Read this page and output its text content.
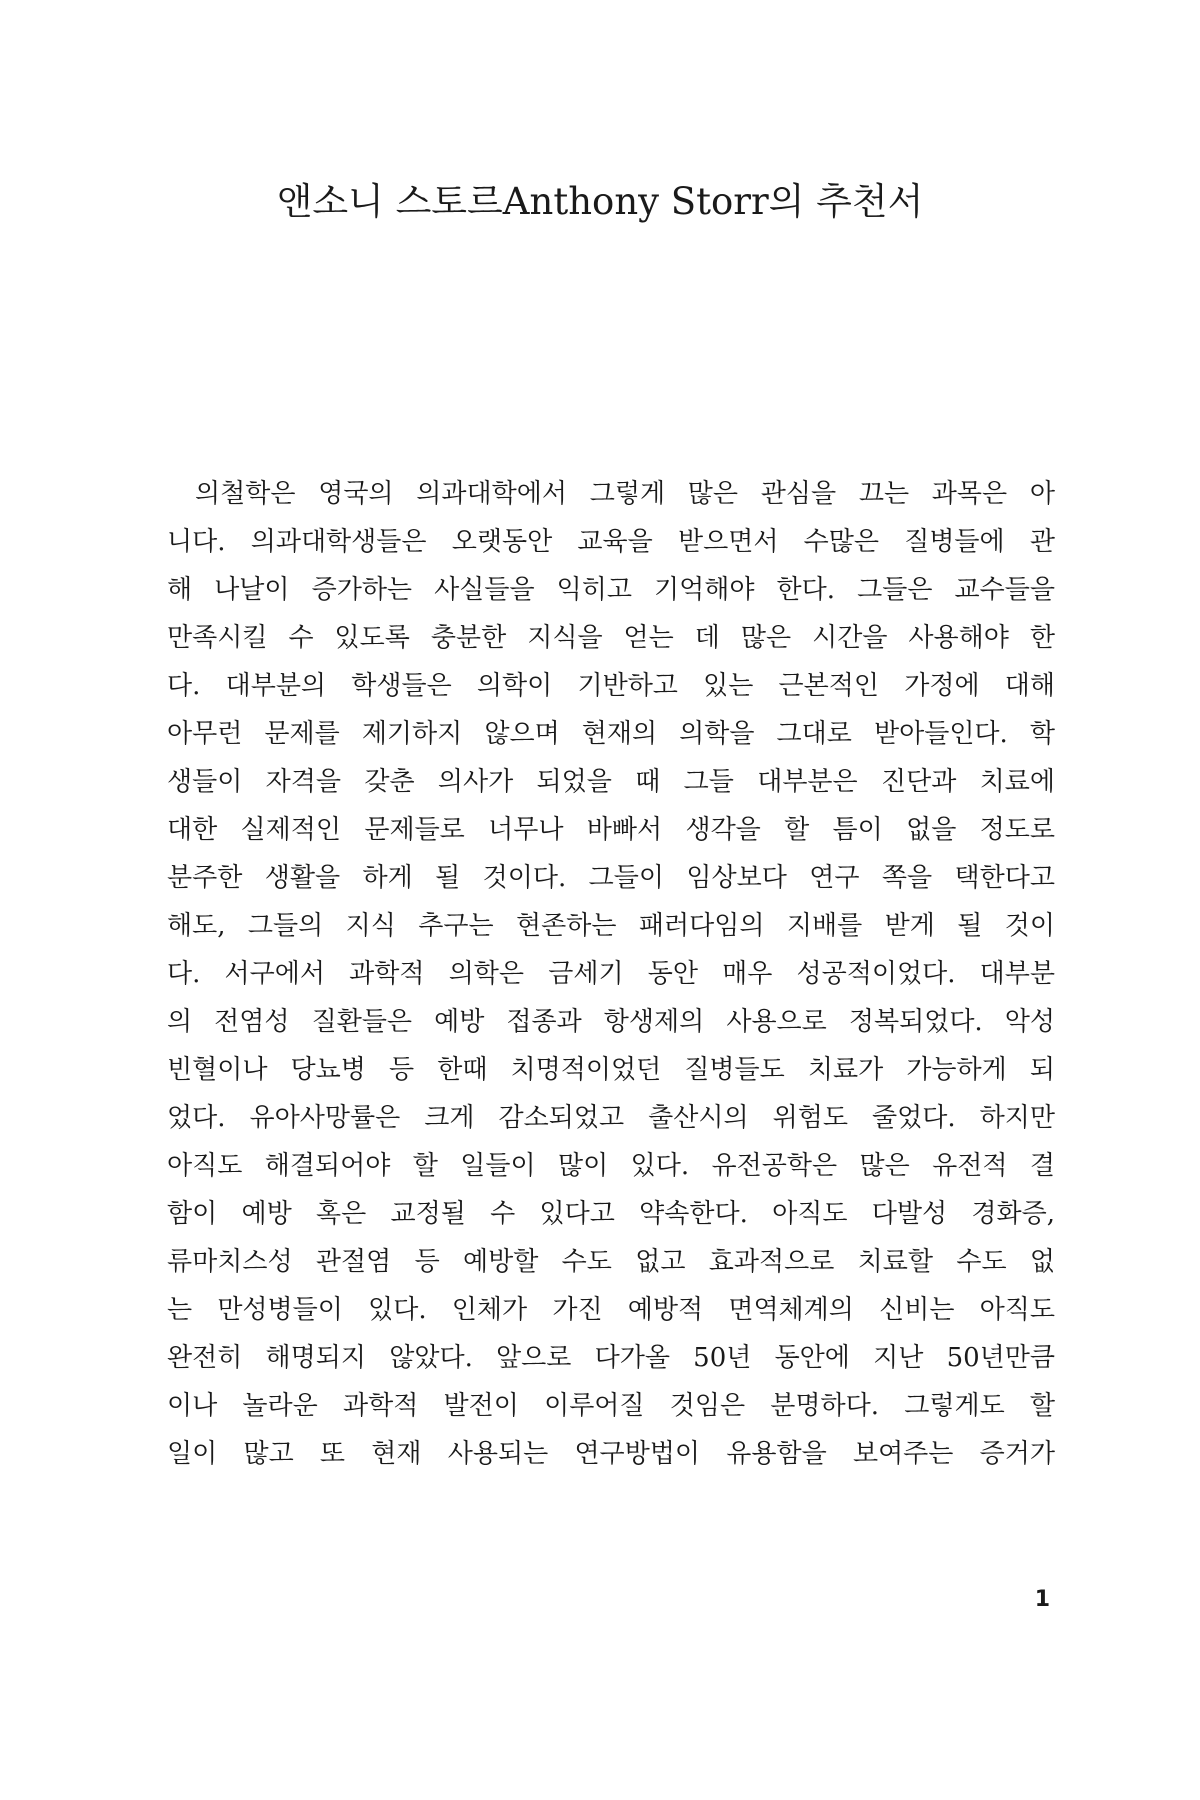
앤소니 스토르Anthony Storr의 추천서
의철학은 영국의 의과대학에서 그렇게 많은 관심을 끄는 과목은 아
니다. 의과대학생들은 오랫동안 교육을 받으면서 수많은 질병들에 관
해 나날이 증가하는 사실들을 익히고 기억해야 한다. 그들은 교수들을
만족시킬 수 있도록 충분한 지식을 얻는 데 많은 시간을 사용해야 한
다. 대부분의 학생들은 의학이 기반하고 있는 근본적인 가정에 대해
아무런 문제를 제기하지 않으며 현재의 의학을 그대로 받아들인다. 학
생들이 자격을 갖춘 의사가 되었을 때 그들 대부분은 진단과 치료에
대한 실제적인 문제들로 너무나 바빠서 생각을 할 틈이 없을 정도로
분주한 생활을 하게 될 것이다. 그들이 임상보다 연구 쪽을 택한다고
해도, 그들의 지식 추구는 현존하는 패러다임의 지배를 받게 될 것이
다. 서구에서 과학적 의학은 금세기 동안 매우 성공적이었다. 대부분
의 전염성 질환들은 예방 접종과 항생제의 사용으로 정복되었다. 악성
빈혈이나 당뇨병 등 한때 치명적이었던 질병들도 치료가 가능하게 되
었다. 유아사망률은 크게 감소되었고 출산시의 위험도 줄었다. 하지만
아직도 해결되어야 할 일들이 많이 있다. 유전공학은 많은 유전적 결
함이 예방 혹은 교정될 수 있다고 약속한다. 아직도 다발성 경화증,
류마치스성 관절염 등 예방할 수도 없고 효과적으로 치료할 수도 없
는 만성병들이 있다. 인체가 가진 예방적 면역체계의 신비는 아직도
완전히 해명되지 않았다. 앞으로 다가올 50년 동안에 지난 50년만큼
이나 놀라운 과학적 발전이 이루어질 것임은 분명하다. 그렇게도 할
일이 많고 또 현재 사용되는 연구방법이 유용함을 보여주는 증거가
1
